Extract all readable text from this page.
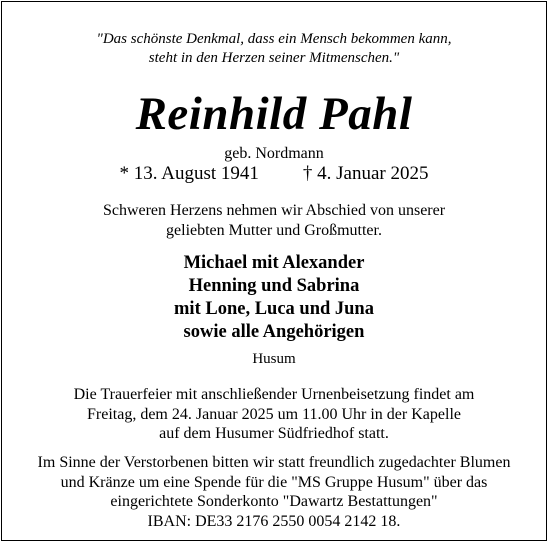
"Das schönste Denkmal, dass ein Mensch bekommen kann,
steht in den Herzen seiner Mitmenschen."
Reinhild Pahl
geb. Nordmann
* 13. August 1941 † 4. Januar 2025
Schweren Herzens nehmen wir Abschied von unserer
geliebten Mutter und Großmutter.
Michael mit Alexander
Henning und Sabrina
mit Lone, Luca und Juna
sowie alle Angehörigen
Husum
Die Trauerfeier mit anschließender Urnenbeisetzung findet am
Freitag, dem 24. Januar 2025 um 11.00 Uhr in der Kapelle
auf dem Husumer Südfriedhof statt.
Im Sinne der Verstorbenen bitten wir statt freundlich zugedachter Blumen
und Kränze um eine Spende für die "MS Gruppe Husum" über das
eingerichtete Sonderkonto "Dawartz Bestattungen"
IBAN: DE33 2176 2550 0054 2142 18.
